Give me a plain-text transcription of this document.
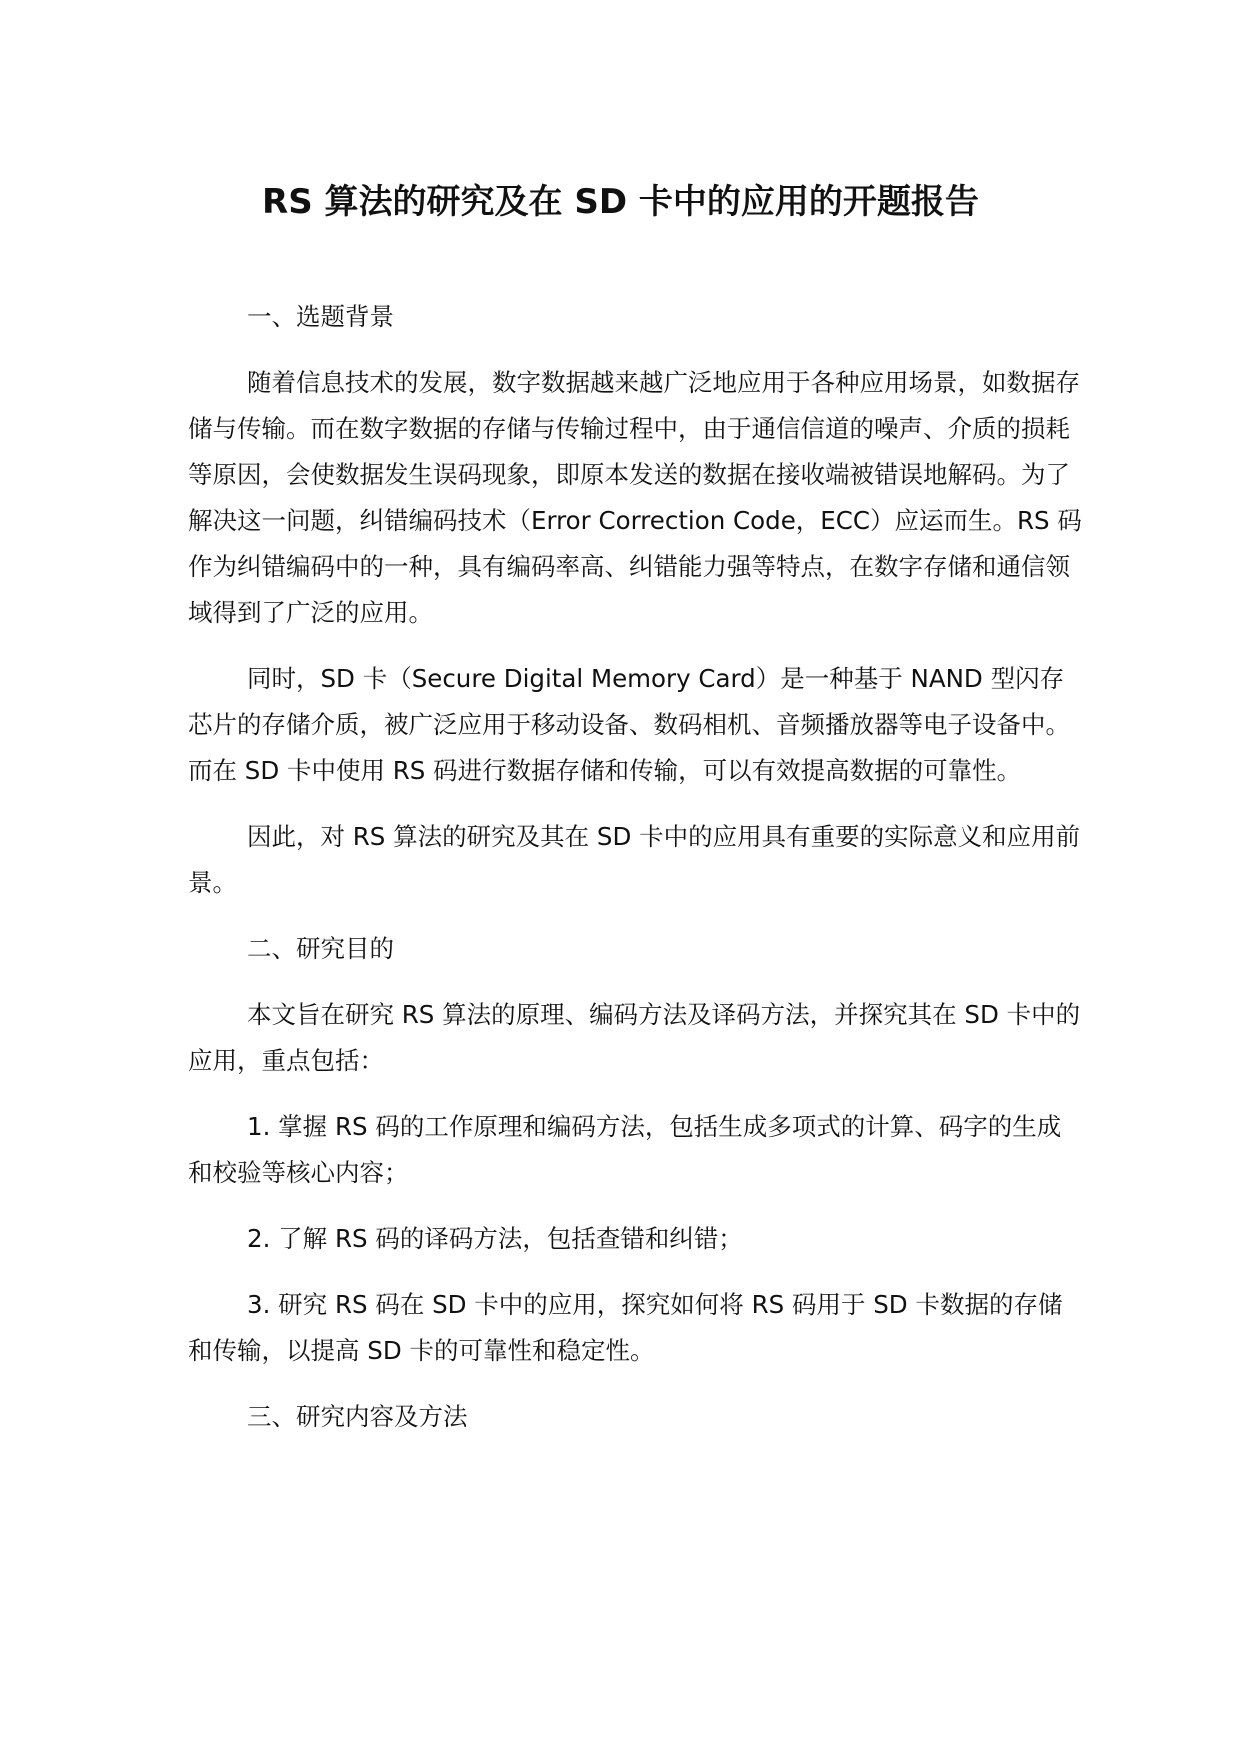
RS 算法的研究及在 SD 卡中的应用的开题报告
一、选题背景

随着信息技术的发展，数字数据越来越广泛地应用于各种应用场景，如数据存储与传输。而在数字数据的存储与传输过程中，由于通信信道的噪声、介质的损耗等原因，会使数据发生误码现象，即原本发送的数据在接收端被错误地解码。为了解决这一问题，纠错编码技术（Error Correction Code，ECC）应运而生。RS 码作为纠错编码中的一种，具有编码率高、纠错能力强等特点，在数字存储和通信领域得到了广泛的应用。

同时，SD 卡（Secure Digital Memory Card）是一种基于 NAND 型闪存芯片的存储介质，被广泛应用于移动设备、数码相机、音频播放器等电子设备中。而在 SD 卡中使用 RS 码进行数据存储和传输，可以有效提高数据的可靠性。

因此，对 RS 算法的研究及其在 SD 卡中的应用具有重要的实际意义和应用前景。

二、研究目的

本文旨在研究 RS 算法的原理、编码方法及译码方法，并探究其在 SD 卡中的应用，重点包括：

1. 掌握 RS 码的工作原理和编码方法，包括生成多项式的计算、码字的生成和校验等核心内容；

2. 了解 RS 码的译码方法，包括查错和纠错；

3. 研究 RS 码在 SD 卡中的应用，探究如何将 RS 码用于 SD 卡数据的存储和传输，以提高 SD 卡的可靠性和稳定性。

三、研究内容及方法
